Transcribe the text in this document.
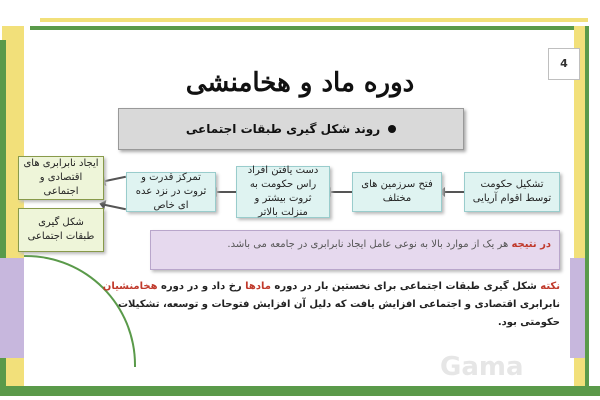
4
دوره ماد و هخامنشی
روند شکل گیری طبقات اجتماعی
تشکیل حکومت توسط اقوام آریایی
فتح سرزمین های مختلف
دست یافتن افراد راس حکومت به ثروت بیشتر و منزلت بالاتر
تمرکز قدرت و ثروت در نزد عده ای خاص
ایجاد نابرابری های اقتصادی و اجتماعی
شکل گیری طبقات اجتماعی
در نتیجه هر یک از موارد بالا به نوعی عامل ایجاد نابرابری در جامعه می باشد.
نکته شکل گیری طبقات اجتماعی برای نخستین بار در دوره مادها رخ داد و در دوره هخامنشیان نابرابری اقتصادی و اجتماعی افزایش یافت که دلیل آن افزایش فتوحات و توسعه، تشکیلات حکومتی بود.
Gama
